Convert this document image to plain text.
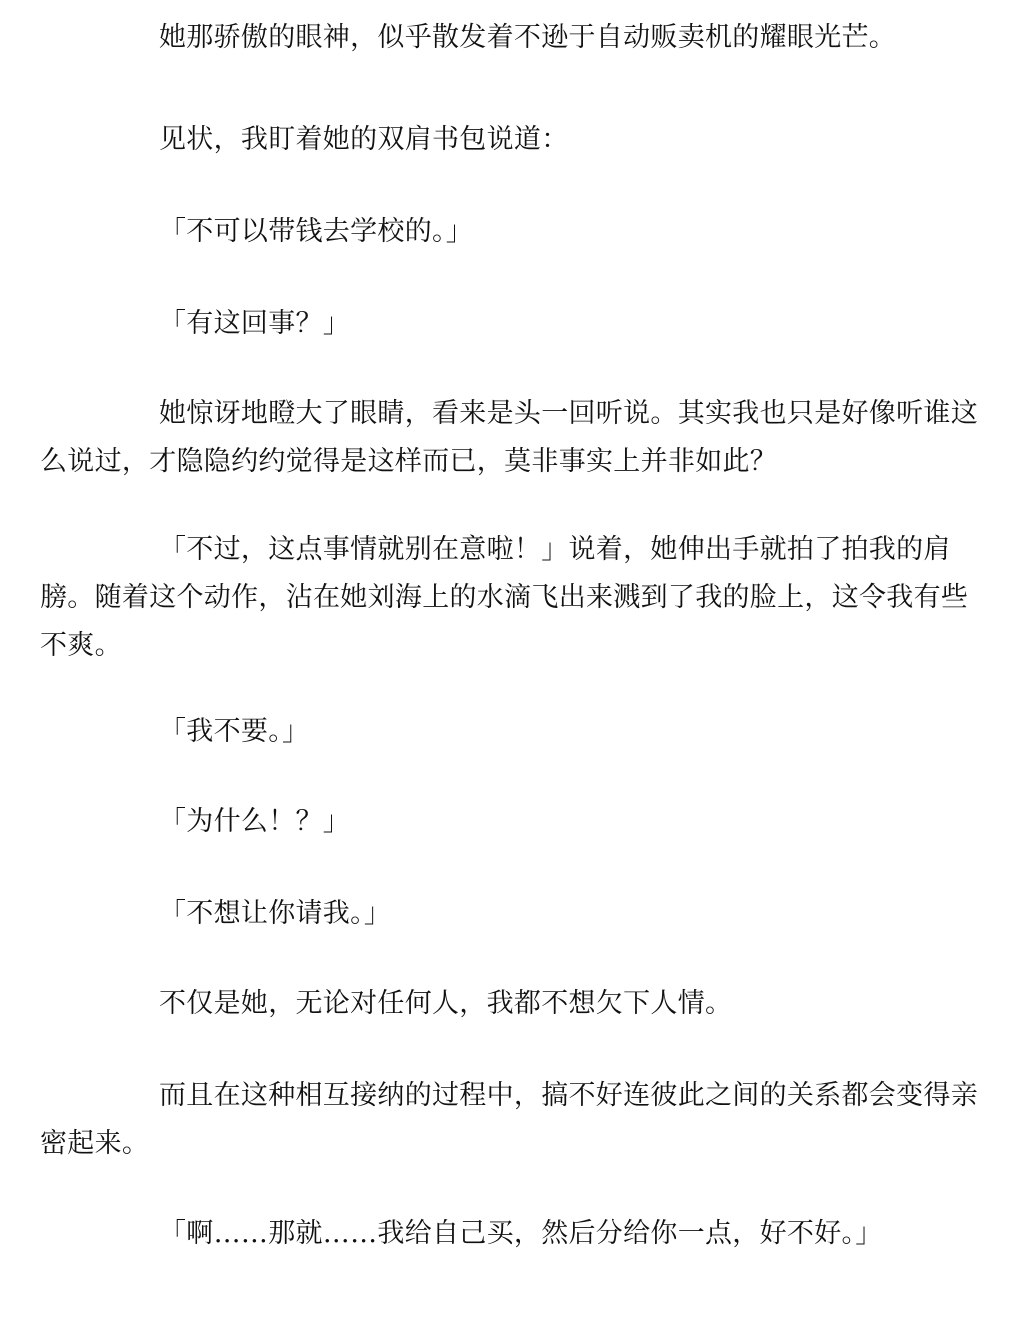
她那骄傲的眼神，似乎散发着不逊于自动贩卖机的耀眼光芒。

见状，我盯着她的双肩书包说道：

「不可以带钱去学校的。」

「有这回事？」

她惊讶地瞪大了眼睛，看来是头一回听说。其实我也只是好像听谁这么说过，才隐隐约约觉得是这样而已，莫非事实上并非如此？

「不过，这点事情就别在意啦！」说着，她伸出手就拍了拍我的肩膀。随着这个动作，沾在她刘海上的水滴飞出来溅到了我的脸上，这令我有些不爽。

「我不要。」

「为什么！？」

「不想让你请我。」

不仅是她，无论对任何人，我都不想欠下人情。

而且在这种相互接纳的过程中，搞不好连彼此之间的关系都会变得亲密起来。

「啊……那就……我给自己买，然后分给你一点，好不好。」
